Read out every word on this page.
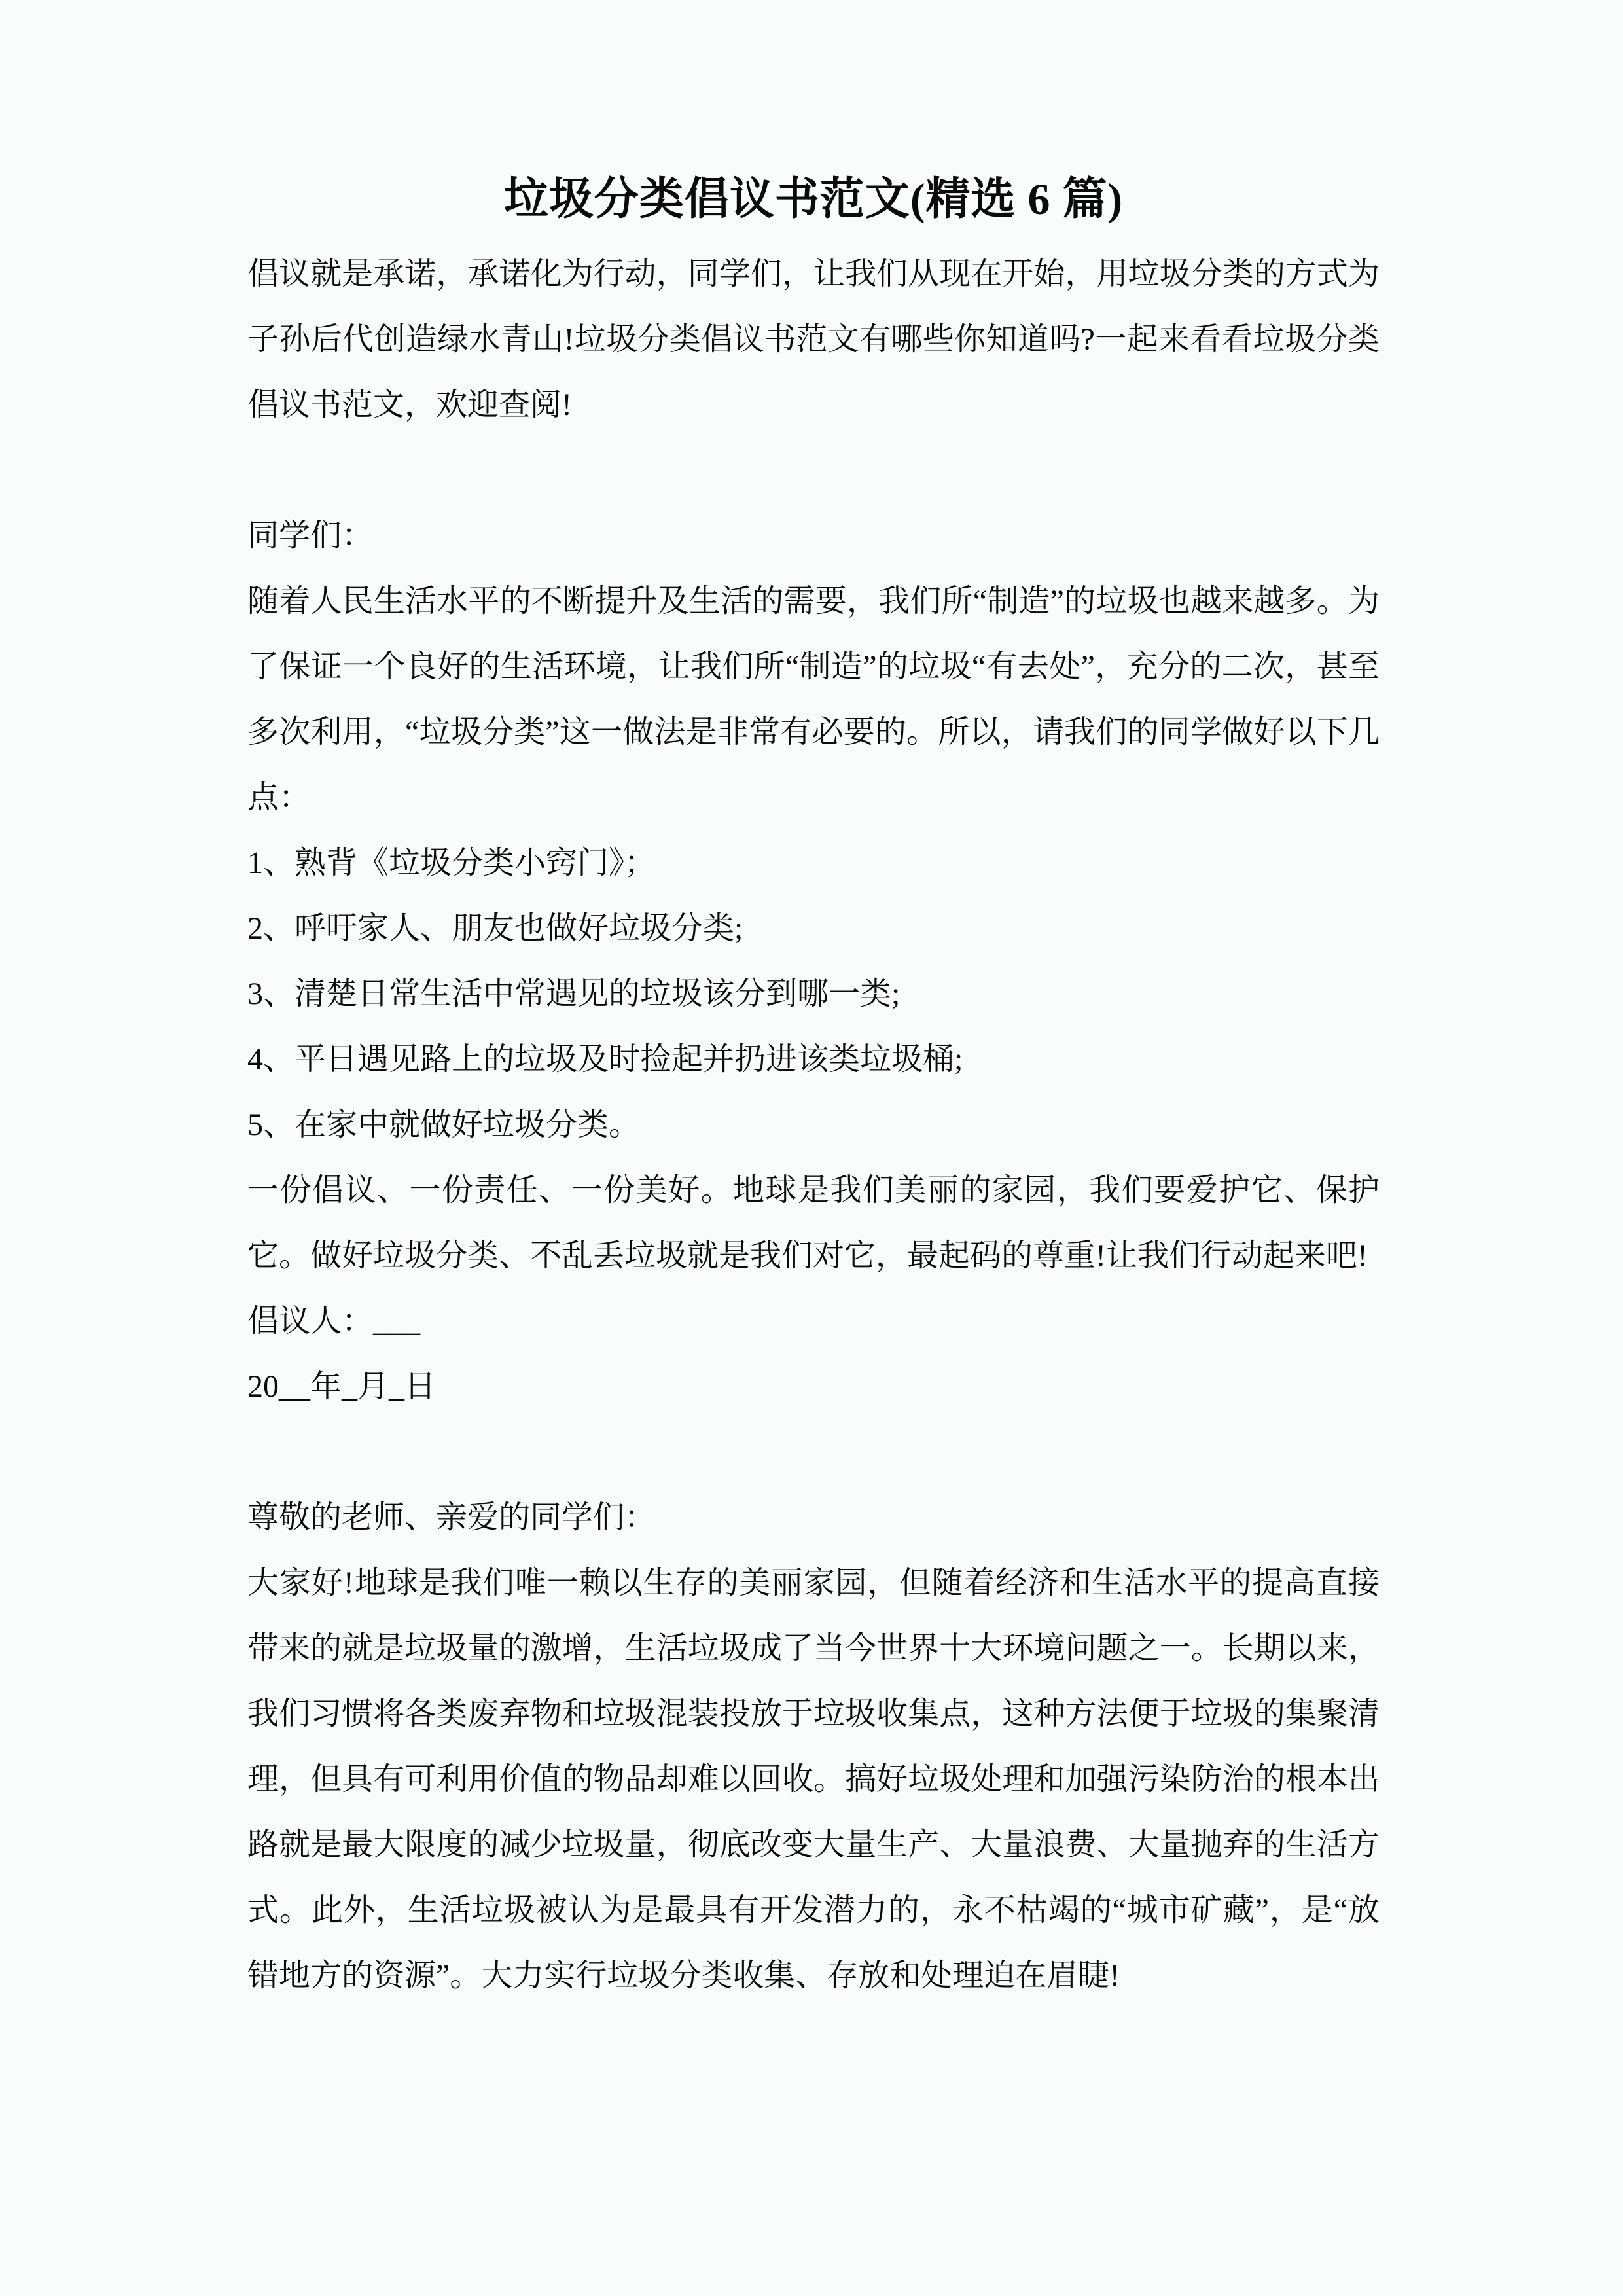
垃圾分类倡议书范文(精选 6 篇)

倡议就是承诺，承诺化为行动，同学们，让我们从现在开始，用垃圾分类的方式为子孙后代创造绿水青山!垃圾分类倡议书范文有哪些你知道吗?一起来看看垃圾分类倡议书范文，欢迎查阅!

同学们：

随着人民生活水平的不断提升及生活的需要，我们所“制造”的垃圾也越来越多。为了保证一个良好的生活环境，让我们所“制造”的垃圾“有去处”，充分的二次，甚至多次利用，“垃圾分类”这一做法是非常有必要的。所以，请我们的同学做好以下几点：

1、熟背《垃圾分类小窍门》；

2、呼吁家人、朋友也做好垃圾分类;

3、清楚日常生活中常遇见的垃圾该分到哪一类;

4、平日遇见路上的垃圾及时捡起并扔进该类垃圾桶;

5、在家中就做好垃圾分类。

一份倡议、一份责任、一份美好。地球是我们美丽的家园，我们要爱护它、保护它。做好垃圾分类、不乱丢垃圾就是我们对它，最起码的尊重!让我们行动起来吧!

倡议人：___

20__年_月_日

尊敬的老师、亲爱的同学们：

大家好!地球是我们唯一赖以生存的美丽家园，但随着经济和生活水平的提高直接带来的就是垃圾量的激增，生活垃圾成了当今世界十大环境问题之一。长期以来，我们习惯将各类废弃物和垃圾混装投放于垃圾收集点，这种方法便于垃圾的集聚清理，但具有可利用价值的物品却难以回收。搞好垃圾处理和加强污染防治的根本出路就是最大限度的减少垃圾量，彻底改变大量生产、大量浪费、大量抛弃的生活方式。此外，生活垃圾被认为是最具有开发潜力的，永不枯竭的“城市矿藏”，是“放错地方的资源”。大力实行垃圾分类收集、存放和处理迫在眉睫!
